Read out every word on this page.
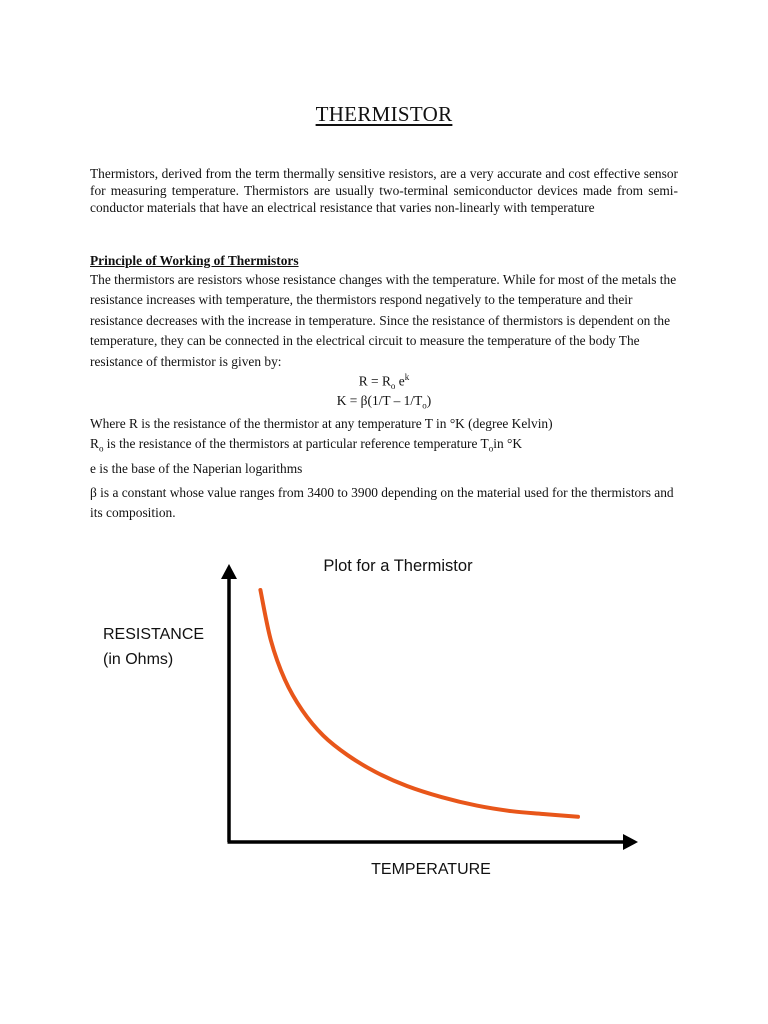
THERMISTOR
Thermistors, derived from the term thermally sensitive resistors, are a very accurate and cost effective sensor for measuring temperature. Thermistors are usually two-terminal semiconductor devices made from semi-conductor materials that have an electrical resistance that varies non-linearly with temperature
Principle of Working of Thermistors
The thermistors are resistors whose resistance changes with the temperature. While for most of the metals the resistance increases with temperature, the thermistors respond negatively to the temperature and their resistance decreases with the increase in temperature. Since the resistance of thermistors is dependent on the temperature, they can be connected in the electrical circuit to measure the temperature of the body The resistance of thermistor is given by:
$R = R_o$ $e^k$
$K = \beta(1/T - 1/T_o)$
Where R is the resistance of the thermistor at any temperature T in °K (degree Kelvin)
$R_o$ is the resistance of the thermistors at particular reference temperature $T_oin$ °K
e is the base of the Naperian logarithms
β is a constant whose value ranges from 3400 to 3900 depending on the material used for the thermistors and its composition.
Plot for a Thermistor
RESISTANCE
(in Ohms)
TEMPERATURE
